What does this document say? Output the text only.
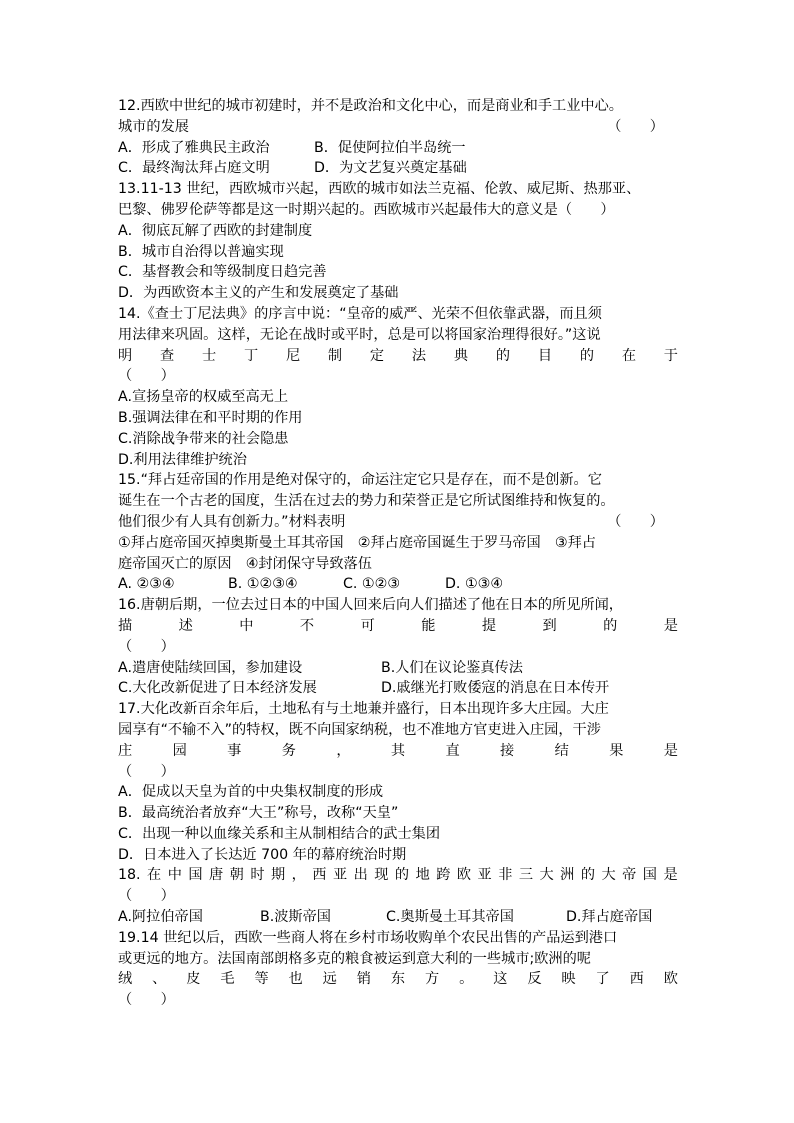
12.西欧中世纪的城市初建时，并不是政治和文化中心，而是商业和手工业中心。
城市的发展	（　　）
A．形成了雅典民主政治	B．促使阿拉伯半岛统一
C．最终淘汰拜占庭文明	D．为文艺复兴奠定基础
13.11-13 世纪，西欧城市兴起，西欧的城市如法兰克福、伦敦、威尼斯、热那亚、
巴黎、佛罗伦萨等都是这一时期兴起的。西欧城市兴起最伟大的意义是（　　）
A．彻底瓦解了西欧的封建制度
B．城市自治得以普遍实现
C．基督教会和等级制度日趋完善
D．为西欧资本主义的产生和发展奠定了基础
14.《查士丁尼法典》的序言中说：“皇帝的威严、光荣不但依靠武器，而且须
用法律来巩固。这样，无论在战时或平时，总是可以将国家治理得很好。”这说
明 查 士 丁 尼 制 定 法 典 的 目 的 在 于
（　　）
A.宣扬皇帝的权威至高无上
B.强调法律在和平时期的作用
C.消除战争带来的社会隐患
D.利用法律维护统治
15.“拜占廷帝国的作用是绝对保守的，命运注定它只是存在，而不是创新。它
诞生在一个古老的国度，生活在过去的势力和荣誉正是它所试图维持和恢复的。
他们很少有人具有创新力。”材料表明	（　　）
①拜占庭帝国灭掉奥斯曼土耳其帝国　②拜占庭帝国诞生于罗马帝国　③拜占
庭帝国灭亡的原因　④封闭保守导致落伍
A. ②③④	B. ①②③④	C. ①②③	D. ①③④
16.唐朝后期，一位去过日本的中国人回来后向人们描述了他在日本的所见所闻，
描	述	中	不	可	能	提	到	的	是
（　　）
A.遣唐使陆续回国，参加建设	B.人们在议论鉴真传法
C.大化改新促进了日本经济发展	D.戚继光打败倭寇的消息在日本传开
17.大化改新百余年后，土地私有与土地兼并盛行，日本出现许多大庄园。大庄
园享有“不输不入”的特权，既不向国家纳税，也不准地方官吏进入庄园，干涉
庄	园	事	务	，	其	直	接	结	果	是
（　　）
A．促成以天皇为首的中央集权制度的形成
B．最高统治者放弃“大王”称号，改称“天皇”
C．出现一种以血缘关系和主从制相结合的武士集团
D．日本进入了长达近 700 年的幕府统治时期
18. 在 中 国 唐 朝 时 期 ， 西 亚 出 现 的 地 跨 欧 亚 非 三 大 洲 的 大 帝 国 是
（　　）
A.阿拉伯帝国	B.波斯帝国	C.奥斯曼土耳其帝国	D.拜占庭帝国
19.14 世纪以后，西欧一些商人将在乡村市场收购单个农民出售的产品运到港口
或更远的地方。法国南部朗格多克的粮食被运到意大利的一些城市;欧洲的呢
绒 、 皮 毛 等 也 远 销 东 方 。 这 反 映 了 西 欧
（　　）
